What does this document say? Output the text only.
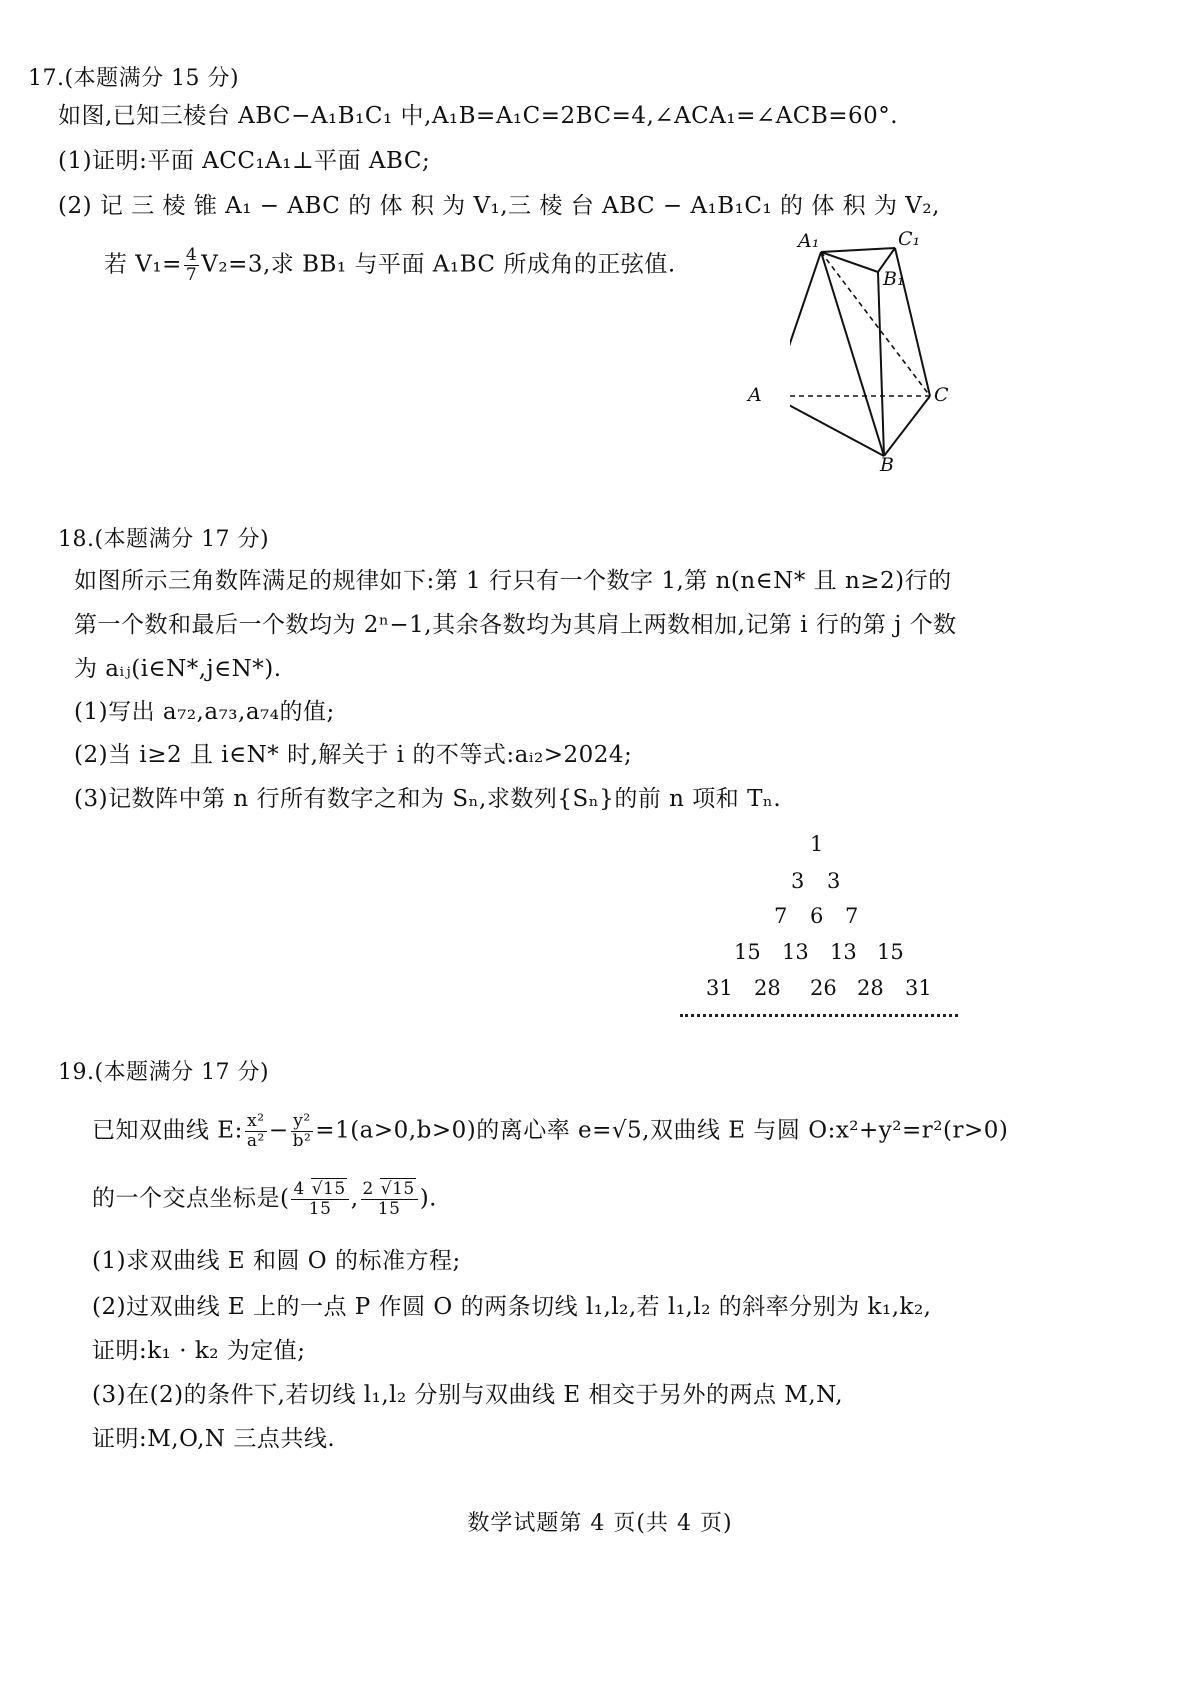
17.(本题满分 15 分)
如图,已知三棱台 ABC−A₁B₁C₁ 中,A₁B=A₁C=2BC=4,∠ACA₁=∠ACB=60°.
(1)证明:平面 ACC₁A₁⊥平面 ABC;
(2) 记 三 棱 锥 A₁ − ABC 的 体 积 为 V₁,三 棱 台 ABC − A₁B₁C₁ 的 体 积 为 V₂,
若 $V_1= \frac{4}{7} V_2=3$,求 BB₁ 与平面 A₁BC 所成角的正弦值.
A₁	C₁
B₁
A	C
B
18.(本题满分 17 分)
如图所示三角数阵满足的规律如下:第 1 行只有一个数字 1,第 n(n∈N* 且 n≥2)行的
第一个数和最后一个数均为 2ⁿ−1,其余各数均为其肩上两数相加,记第 i 行的第 j 个数
为 aᵢⱼ(i∈N*,j∈N*).
(1)写出 a₇₂,a₇₃,a₇₄的值;
(2)当 i≥2 且 i∈N* 时,解关于 i 的不等式:aᵢ₂>2024;
(3)记数阵中第 n 行所有数字之和为 Sₙ,求数列{Sₙ}的前 n 项和 Tₙ.
1
3 3
7 6 7
15 13 13 15
31 28 26 28 31
19.(本题满分 17 分)
已知双曲线 E: $\frac{\text{x²}}{\text{a²}} - \frac{\text{y²}}{\text{b²}} =1(a>0,b>0)$的离心率 e=√5,双曲线 E 与圆 O:x²+y²=r²(r>0)
的一个交点坐标是( $\frac{4 √15}{15}$ , $\frac{2 √15}{15}$ ).
(1)求双曲线 E 和圆 O 的标准方程;
(2)过双曲线 E 上的一点 P 作圆 O 的两条切线 l₁,l₂,若 l₁,l₂ 的斜率分别为 k₁,k₂,
证明:k₁ · k₂ 为定值;
(3)在(2)的条件下,若切线 l₁,l₂ 分别与双曲线 E 相交于另外的两点 M,N,
证明:M,O,N 三点共线.
数学试题第 4 页(共 4 页)
